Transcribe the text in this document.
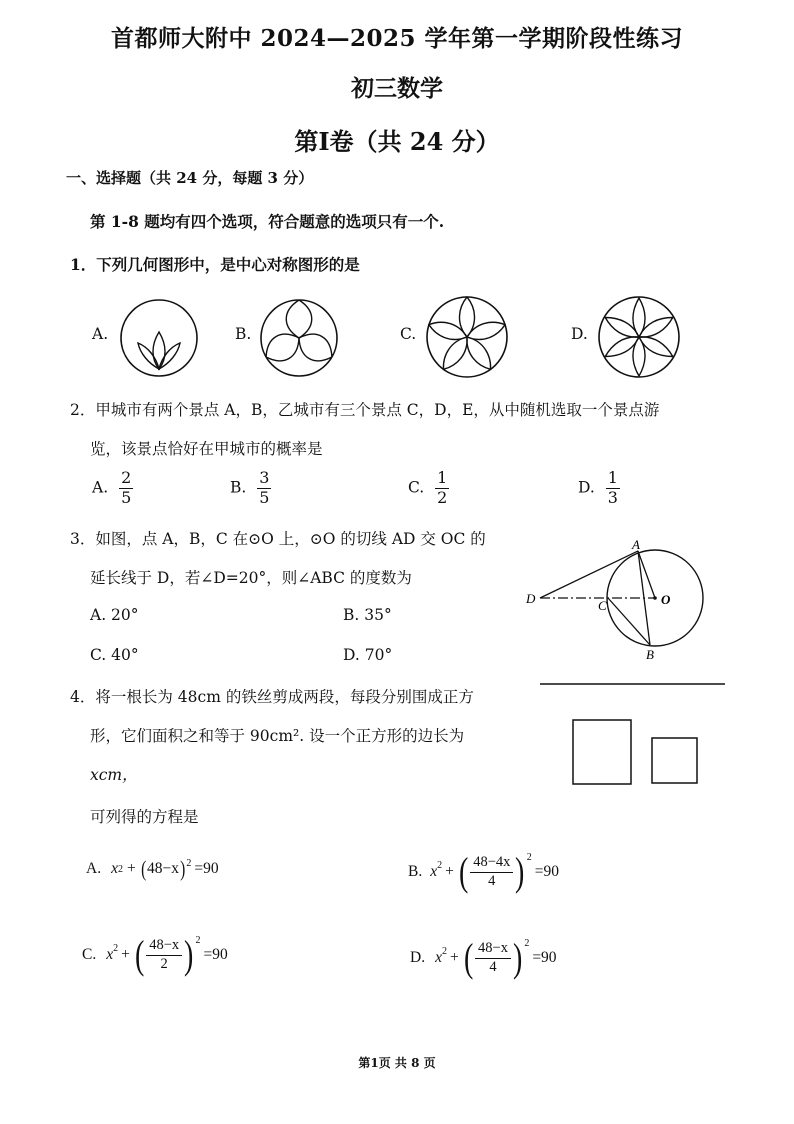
首都师大附中 2024—2025 学年第一学期阶段性练习
初三数学
第Ⅰ卷（共 24 分）
一、选择题（共 24 分，每题 3 分）
第 1-8 题均有四个选项，符合题意的选项只有一个.
1．下列几何图形中，是中心对称图形的是
A.	B.	C.	D.
2．甲城市有两个景点 A，B，乙城市有三个景点 C，D，E，从中随机选取一个景点游
览，该景点恰好在甲城市的概率是
A. $\frac{2}{5}$	B. $\frac{3}{5}$	C. $\frac{1}{2}$	D. $\frac{1}{3}$
3．如图，点 A，B，C 在⊙O 上，⊙O 的切线 AD 交 OC 的
延长线于 D，若∠D=20°，则∠ABC 的度数为
A. 20°	B. 35°
C. 40°	D. 70°
A
B
C
D	O
4．将一根长为 48cm 的铁丝剪成两段，每段分别围成正方
形，它们面积之和等于 90cm². 设一个正方形的边长为
xcm，
可列得的方程是
A. x 2 + ( 48−x )$^2$ =90	B. $x^2$ + ( $\frac{48-4x}{4} )^2$
=90
C. $x^2$ + ( $\frac{48-x}{2} )^2$
=90	D. $x^2$ + ( $\frac{48-x}{4} )^2$
=90
第1页 共 8 页
